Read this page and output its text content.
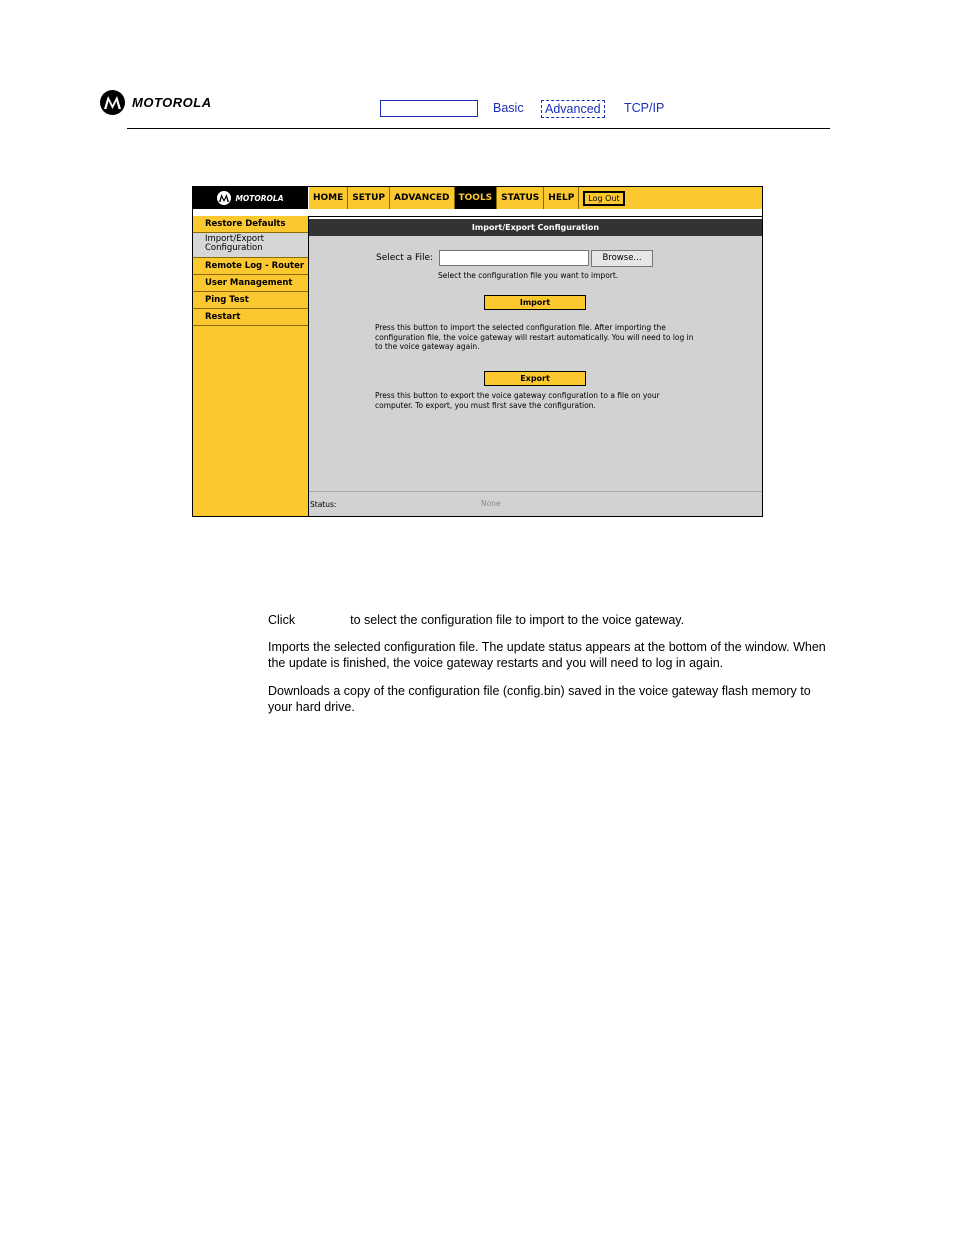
MOTOROLA	Basic	Advanced	TCP/IP
MOTOROLA	HOME	SETUP	ADVANCED	TOOLS	STATUS	HELP	Log Out
Restore Defaults
Import/Export
Configuration
Remote Log - Router
User Management
Ping Test
Restart
Import/Export Configuration
Select a File:	Browse...
Select the configuration file you want to import.
Import
Press this button to import the selected configuration file. After importing the configuration file, the voice gateway will restart automatically. You will need to log in to the voice gateway again.
Export
Press this button to export the voice gateway configuration to a file on your computer. To export, you must first save the configuration.
Status:	None
Click	to select the configuration file to import to the voice gateway.
Imports the selected configuration file. The update status appears at the bottom of the window. When the update is finished, the voice gateway restarts and you will need to log in again.
Downloads a copy of the configuration file (config.bin) saved in the voice gateway flash memory to your hard drive.
